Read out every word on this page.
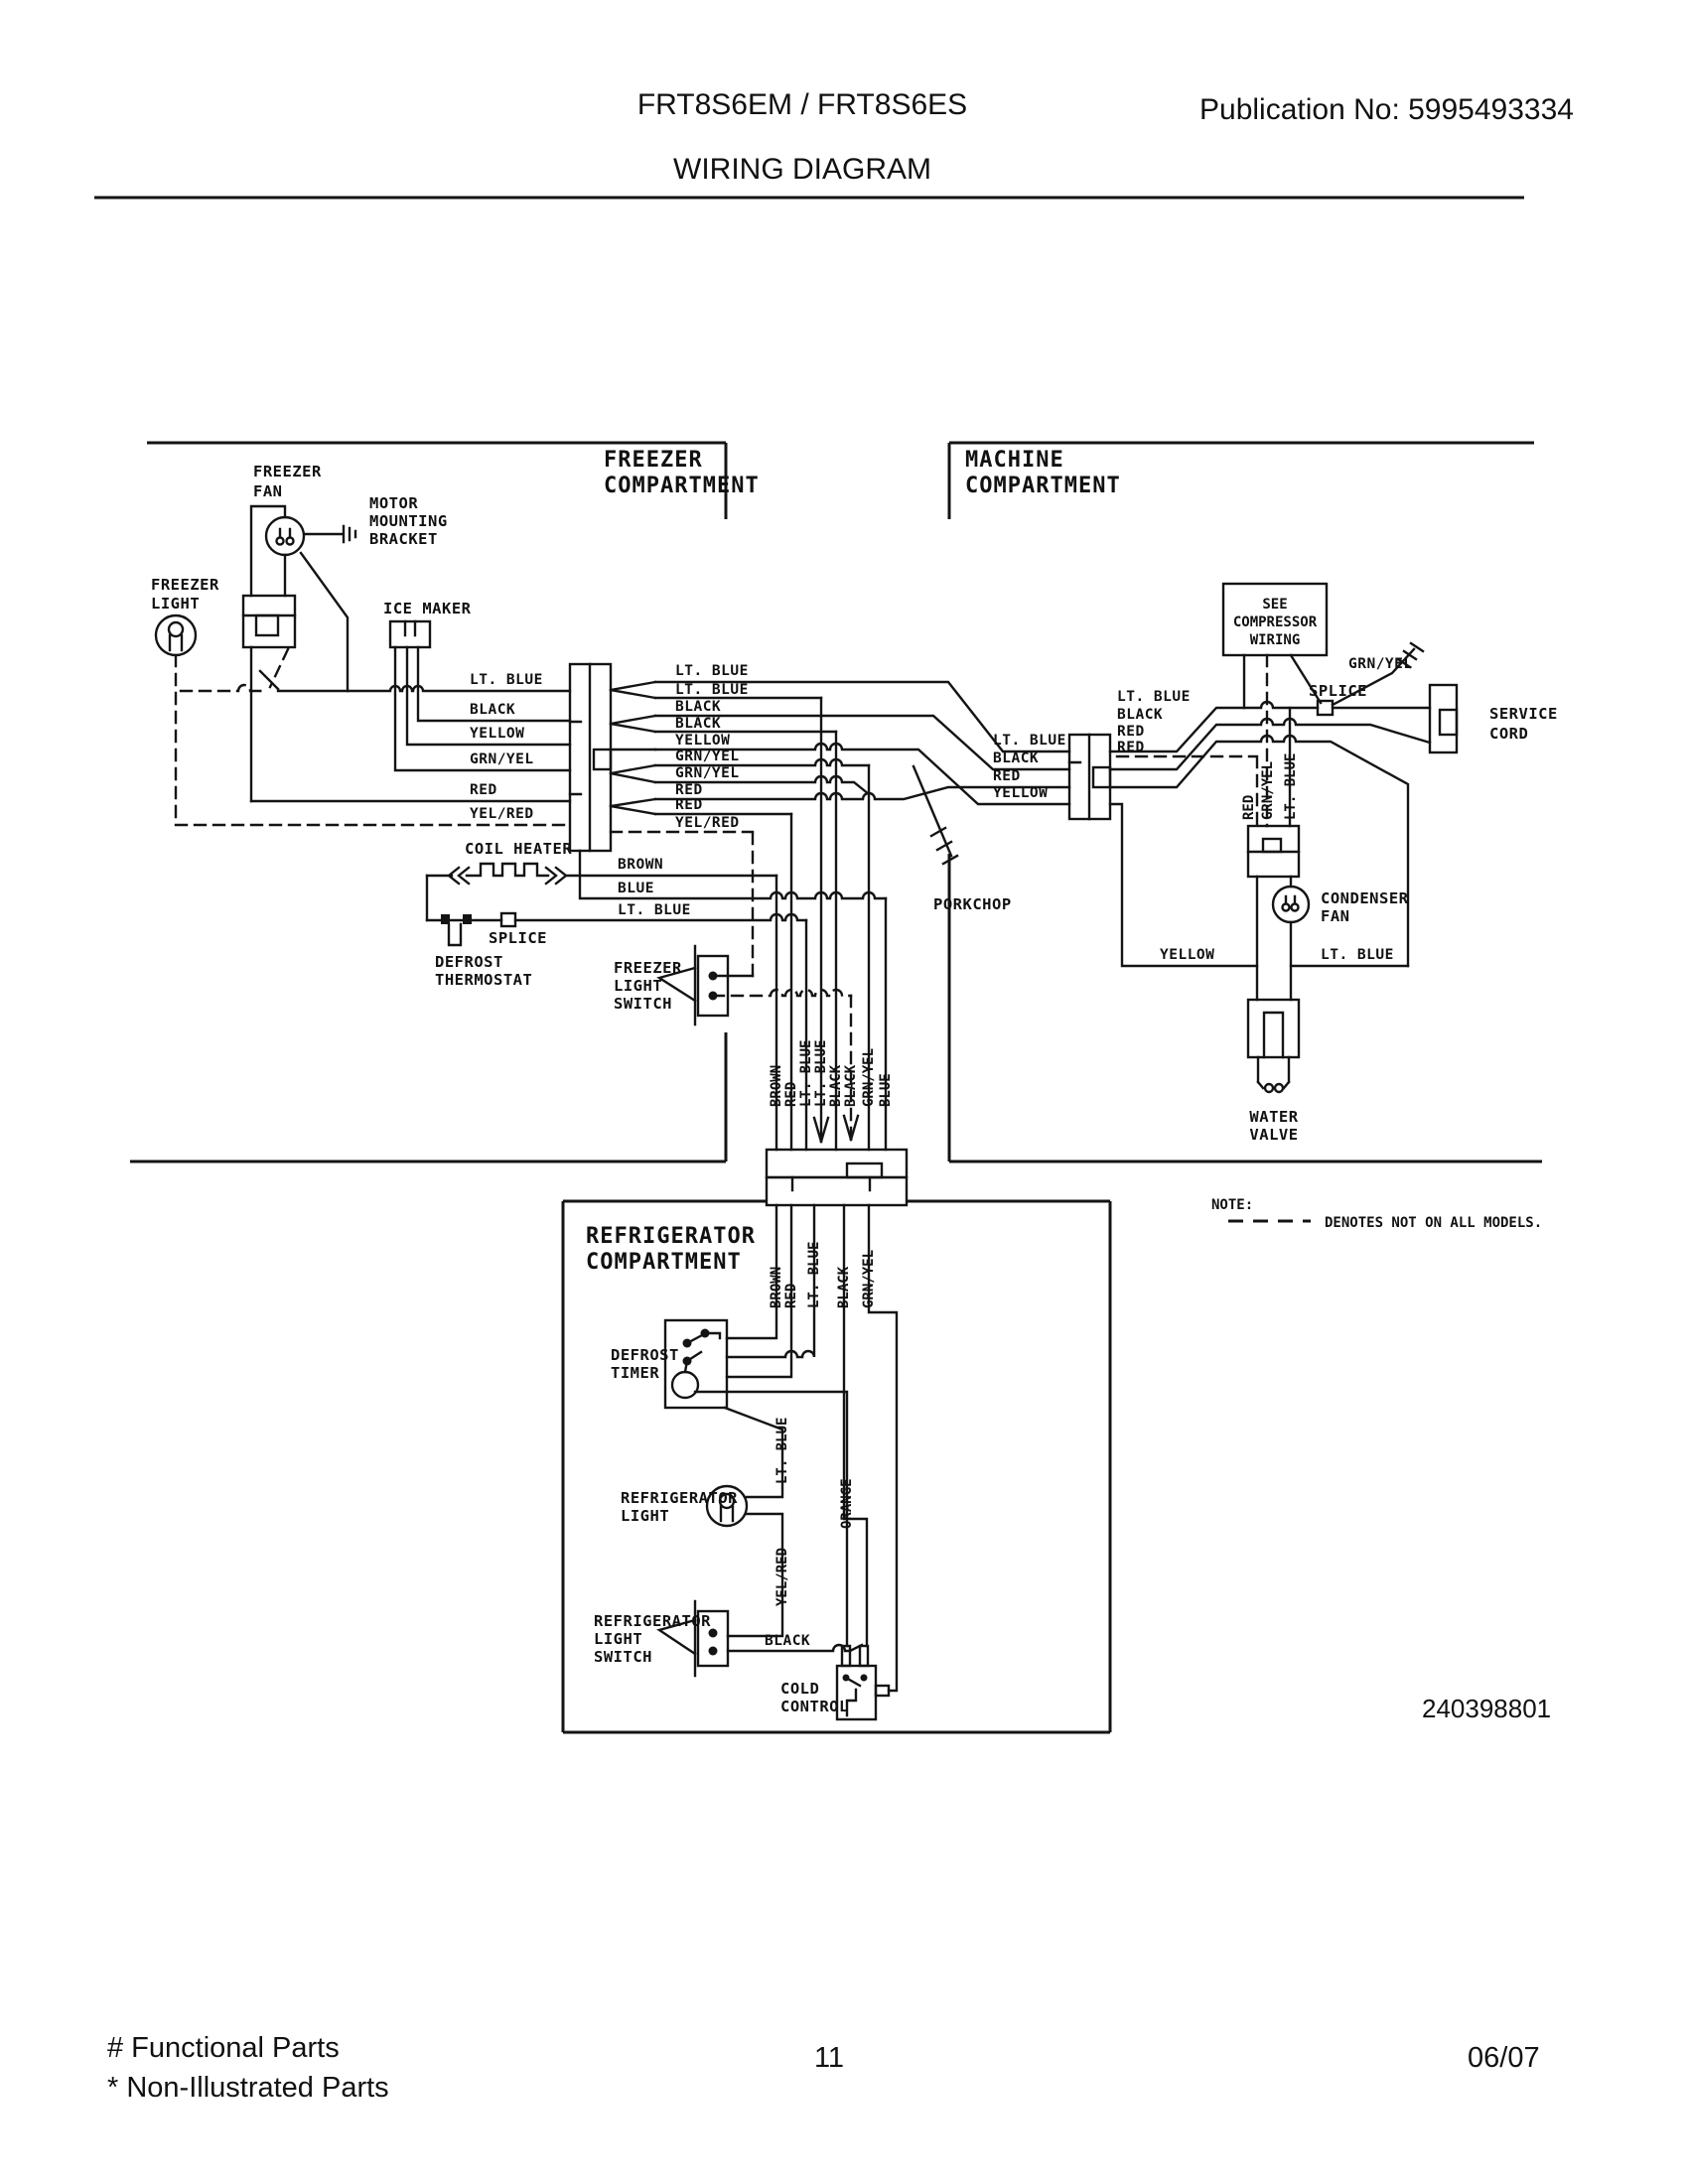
FRT8S6EM / FRT8S6ES	Publication No: 5995493334
WIRING DIAGRAM
FREEZER
COMPARTMENT
MACHINE
COMPARTMENT
REFRIGERATOR
COMPARTMENT
FREEZER
FAN
MOTOR
MOUNTING
BRACKET
FREEZER
LIGHT	ICE MAKER
LT. BLUE
BLACK
YELLOW
GRN/YEL
RED
YEL/RED
LT. BLUE
LT. BLUE
BLACK
BLACK
YELLOW
GRN/YEL
GRN/YEL
RED
RED
YEL/RED
COIL HEATER
DEFROST
THERMOSTAT
SPLICE
BROWN
BLUE
LT. BLUE
FREEZER
LIGHT
SWITCH
BROWN RED LT. BLUE LT. BLUE BLACK BLACK GRN/YEL BLUE
PORKCHOP
LT. BLUE
BLACK
RED
YELLOW
LT. BLUE
BLACK
RED
RED
SEE
COMPRESSOR
WIRING
SPLICE
GRN/YEL
SERVICE
CORD
RED GRN/YEL LT. BLUE
CONDENSER
FAN
YELLOW	LT. BLUE
WATER
VALVE
NOTE:
DENOTES NOT ON ALL MODELS.
BROWN RED LT. BLUE BLACK GRN/YEL
DEFROST
TIMER
LT. BLUE
YEL/RED
REFRIGERATOR
LIGHT	ORANGE
BLACK
REFRIGERATOR
LIGHT
SWITCH
COLD
CONTROL	240398801
# Functional Parts
* Non-Illustrated Parts
11	06/07
